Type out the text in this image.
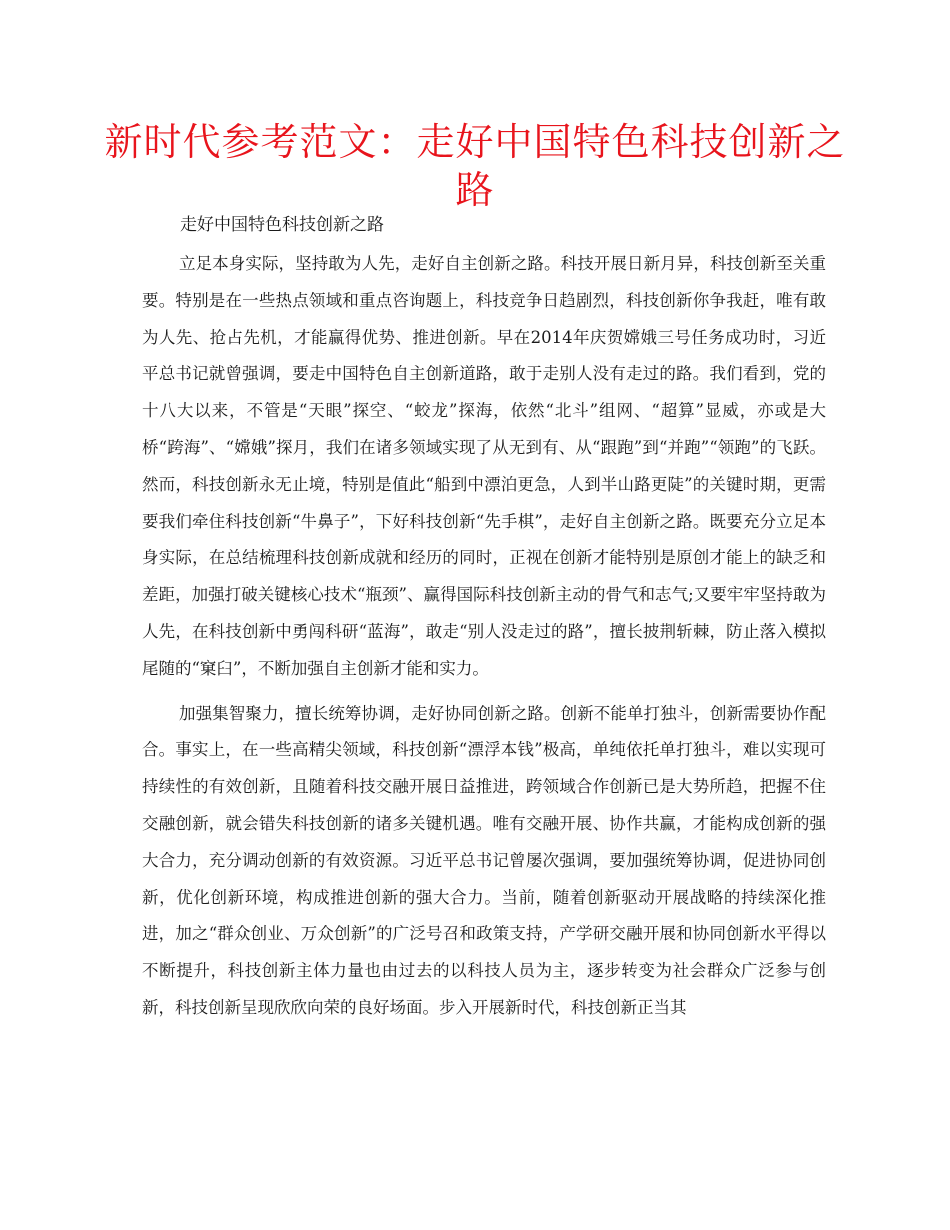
新时代参考范文：走好中国特色科技创新之路

走好中国特色科技创新之路

立足本身实际，坚持敢为人先，走好自主创新之路。科技开展日新月异，科技创新至关重要。特别是在一些热点领域和重点咨询题上，科技竞争日趋剧烈，科技创新你争我赶，唯有敢为人先、抢占先机，才能赢得优势、推进创新。早在2014年庆贺嫦娥三号任务成功时，习近平总书记就曾强调，要走中国特色自主创新道路，敢于走别人没有走过的路。我们看到，党的十八大以来，不管是“天眼”探空、“蛟龙”探海，依然“北斗”组网、“超算”显威，亦或是大桥“跨海”、“嫦娥”探月，我们在诸多领域实现了从无到有、从“跟跑”到“并跑”“领跑”的飞跃。然而，科技创新永无止境，特别是值此“船到中漂泊更急，人到半山路更陡”的关键时期，更需要我们牵住科技创新“牛鼻子”，下好科技创新“先手棋”，走好自主创新之路。既要充分立足本身实际，在总结梳理科技创新成就和经历的同时，正视在创新才能特别是原创才能上的缺乏和差距，加强打破关键核心技术“瓶颈”、赢得国际科技创新主动的骨气和志气;又要牢牢坚持敢为人先，在科技创新中勇闯科研“蓝海”，敢走“别人没走过的路”，擅长披荆斩棘，防止落入模拟尾随的“窠臼”，不断加强自主创新才能和实力。

加强集智聚力，擅长统筹协调，走好协同创新之路。创新不能单打独斗，创新需要协作配合。事实上，在一些高精尖领域，科技创新“漂浮本钱”极高，单纯依托单打独斗，难以实现可持续性的有效创新，且随着科技交融开展日益推进，跨领域合作创新已是大势所趋，把握不住交融创新，就会错失科技创新的诸多关键机遇。唯有交融开展、协作共赢，才能构成创新的强大合力，充分调动创新的有效资源。习近平总书记曾屡次强调，要加强统筹协调，促进协同创新，优化创新环境，构成推进创新的强大合力。当前，随着创新驱动开展战略的持续深化推进，加之“群众创业、万众创新”的广泛号召和政策支持，产学研交融开展和协同创新水平得以不断提升，科技创新主体力量也由过去的以科技人员为主，逐步转变为社会群众广泛参与创新，科技创新呈现欣欣向荣的良好场面。步入开展新时代，科技创新正当其
